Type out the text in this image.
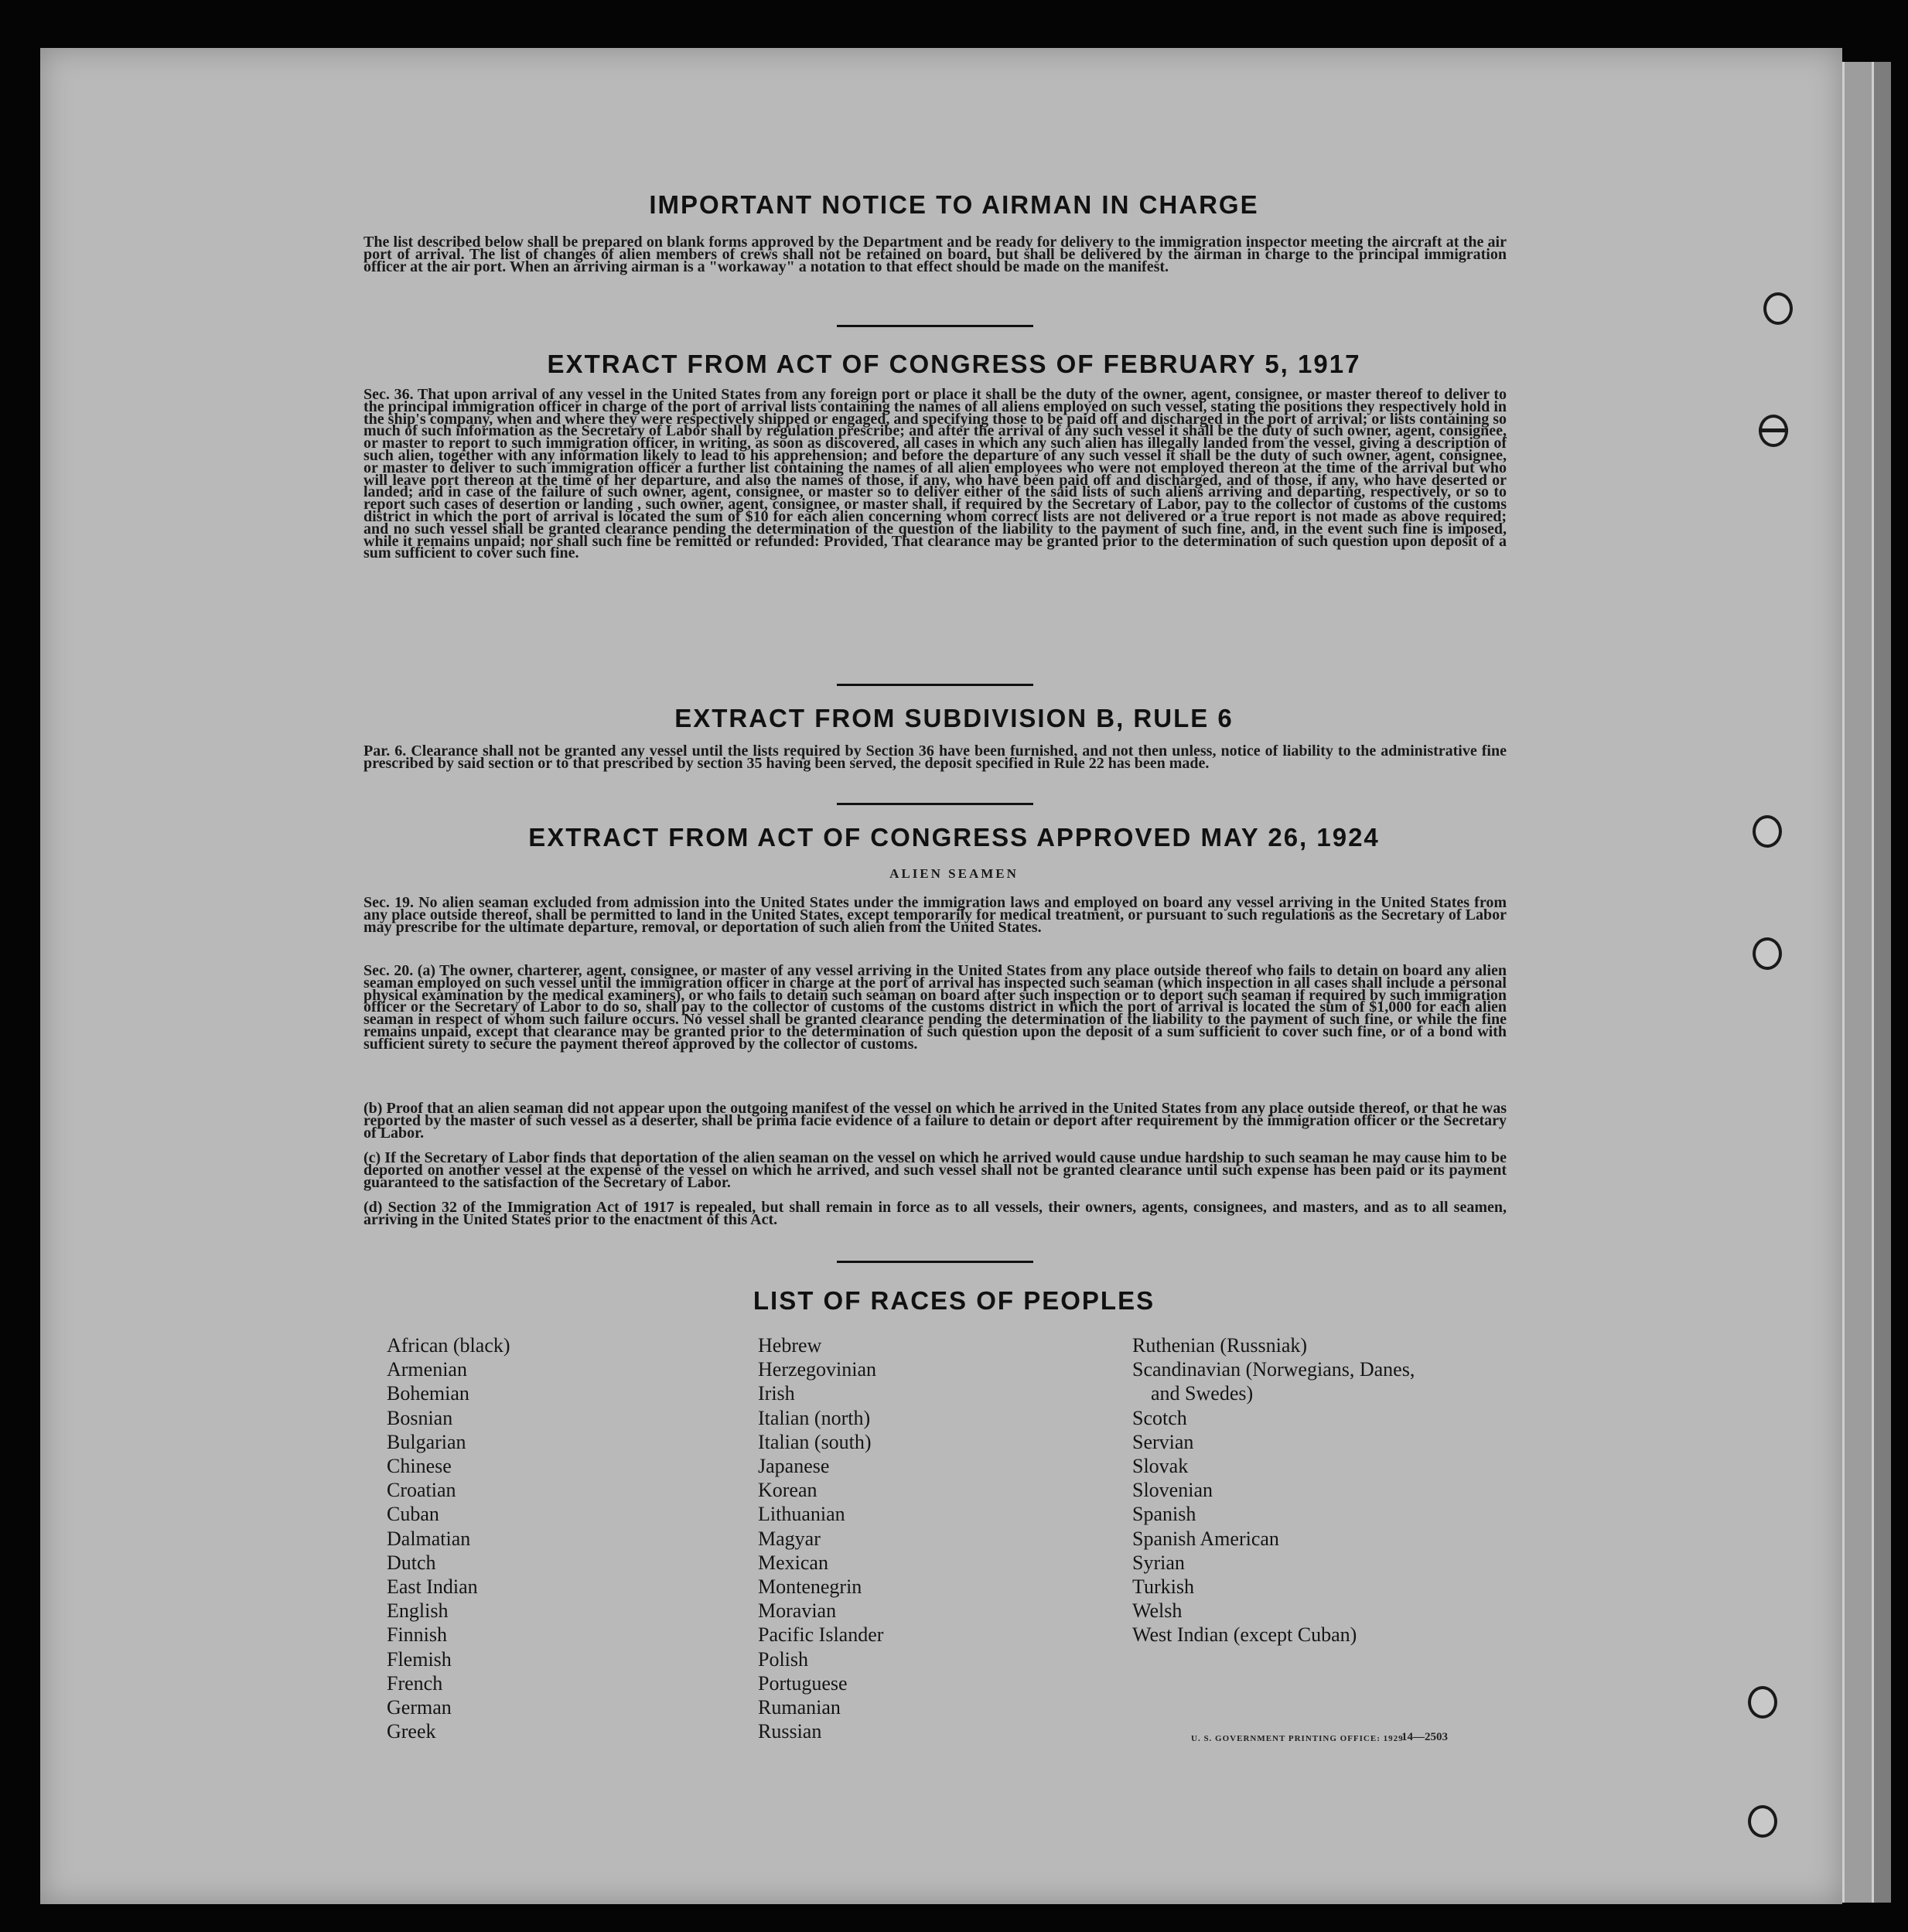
IMPORTANT NOTICE TO AIRMAN IN CHARGE
The list described below shall be prepared on blank forms approved by the Department and be ready for delivery to the immigration inspector meeting the aircraft at the air port of arrival. The list of changes of alien members of crews shall not be retained on board, but shall be delivered by the airman in charge to the principal immigration officer at the air port. When an arriving airman is a "workaway" a notation to that effect should be made on the manifest.
EXTRACT FROM ACT OF CONGRESS OF FEBRUARY 5, 1917
Sec. 36. That upon arrival of any vessel in the United States from any foreign port or place it shall be the duty of the owner, agent, consignee, or master thereof to deliver to the principal immigration officer in charge of the port of arrival lists containing the names of all aliens employed on such vessel, stating the positions they respectively hold in the ship's company, when and where they were respectively shipped or engaged, and specifying those to be paid off and discharged in the port of arrival; or lists containing so much of such information as the Secretary of Labor shall by regulation prescribe; and after the arrival of any such vessel it shall be the duty of such owner, agent, consignee, or master to report to such immigration officer, in writing, as soon as discovered, all cases in which any such alien has illegally landed from the vessel, giving a description of such alien, together with any information likely to lead to his apprehension; and before the departure of any such vessel it shall be the duty of such owner, agent, consignee, or master to deliver to such immigration officer a further list containing the names of all alien employees who were not employed thereon at the time of the arrival but who will leave port thereon at the time of her departure, and also the names of those, if any, who have been paid off and discharged, and of those, if any, who have deserted or landed; and in case of the failure of such owner, agent, consignee, or master so to deliver either of the said lists of such aliens arriving and departing, respectively, or so to report such cases of desertion or landing , such owner, agent, consignee, or master shall, if required by the Secretary of Labor, pay to the collector of customs of the customs district in which the port of arrival is located the sum of $10 for each alien concerning whom correct lists are not delivered or a true report is not made as above required; and no such vessel shall be granted clearance pending the determination of the question of the liability to the payment of such fine, and, in the event such fine is imposed, while it remains unpaid; nor shall such fine be remitted or refunded: Provided, That clearance may be granted prior to the determination of such question upon deposit of a sum sufficient to cover such fine.
EXTRACT FROM SUBDIVISION B, RULE 6
Par. 6. Clearance shall not be granted any vessel until the lists required by Section 36 have been furnished, and not then unless, notice of liability to the administrative fine prescribed by said section or to that prescribed by section 35 having been served, the deposit specified in Rule 22 has been made.
EXTRACT FROM ACT OF CONGRESS APPROVED MAY 26, 1924
ALIEN SEAMEN
Sec. 19. No alien seaman excluded from admission into the United States under the immigration laws and employed on board any vessel arriving in the United States from any place outside thereof, shall be permitted to land in the United States, except temporarily for medical treatment, or pursuant to such regulations as the Secretary of Labor may prescribe for the ultimate departure, removal, or deportation of such alien from the United States.
Sec. 20. (a) The owner, charterer, agent, consignee, or master of any vessel arriving in the United States from any place outside thereof who fails to detain on board any alien seaman employed on such vessel until the immigration officer in charge at the port of arrival has inspected such seaman (which inspection in all cases shall include a personal physical examination by the medical examiners), or who fails to detain such seaman on board after such inspection or to deport such seaman if required by such immigration officer or the Secretary of Labor to do so, shall pay to the collector of customs of the customs district in which the port of arrival is located the sum of $1,000 for each alien seaman in respect of whom such failure occurs. No vessel shall be granted clearance pending the determination of the liability to the payment of such fine, or while the fine remains unpaid, except that clearance may be granted prior to the determination of such question upon the deposit of a sum sufficient to cover such fine, or of a bond with sufficient surety to secure the payment thereof approved by the collector of customs.
(b) Proof that an alien seaman did not appear upon the outgoing manifest of the vessel on which he arrived in the United States from any place outside thereof, or that he was reported by the master of such vessel as a deserter, shall be prima facie evidence of a failure to detain or deport after requirement by the immigration officer or the Secretary of Labor.
(c) If the Secretary of Labor finds that deportation of the alien seaman on the vessel on which he arrived would cause undue hardship to such seaman he may cause him to be deported on another vessel at the expense of the vessel on which he arrived, and such vessel shall not be granted clearance until such expense has been paid or its payment guaranteed to the satisfaction of the Secretary of Labor.
(d) Section 32 of the Immigration Act of 1917 is repealed, but shall remain in force as to all vessels, their owners, agents, consignees, and masters, and as to all seamen, arriving in the United States prior to the enactment of this Act.
LIST OF RACES OF PEOPLES
African (black)
Armenian
Bohemian
Bosnian
Bulgarian
Chinese
Croatian
Cuban
Dalmatian
Dutch
East Indian
English
Finnish
Flemish
French
German
Greek
Hebrew
Herzegovinian
Irish
Italian (north)
Italian (south)
Japanese
Korean
Lithuanian
Magyar
Mexican
Montenegrin
Moravian
Pacific Islander
Polish
Portuguese
Rumanian
Russian
Ruthenian (Russniak)
Scandinavian (Norwegians, Danes,
and Swedes)
Scotch
Servian
Slovak
Slovenian
Spanish
Spanish American
Syrian
Turkish
Welsh
West Indian (except Cuban)
U. S. GOVERNMENT PRINTING OFFICE: 1929
14—2503
